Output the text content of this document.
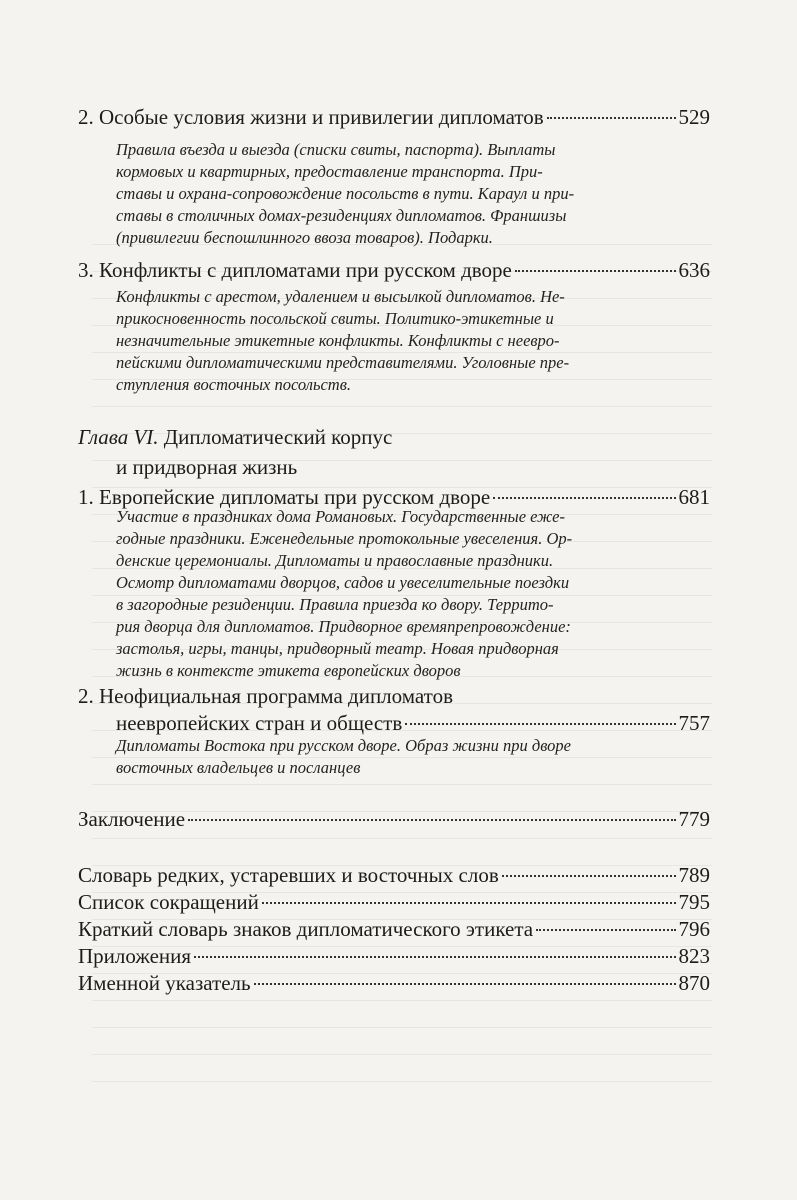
2. Особые условия жизни и привилегии дипломатов	529
Правила въезда и выезда (списки свиты, паспорта). Выплаты
кормовых и квартирных, предоставление транспорта. При-
ставы и охрана-сопровождение посольств в пути. Караул и при-
ставы в столичных домах-резиденциях дипломатов. Франшизы
(привилегии беспошлинного ввоза товаров). Подарки.
3. Конфликты с дипломатами при русском дворе	636
Конфликты с арестом, удалением и высылкой дипломатов. Не-
прикосновенность посольской свиты. Политико-этикетные и
незначительные этикетные конфликты. Конфликты с неевро-
пейскими дипломатическими представителями. Уголовные пре-
ступления восточных посольств.
Глава VI. Дипломатический корпус
и придворная жизнь
1. Европейские дипломаты при русском дворе	681
Участие в праздниках дома Романовых. Государственные еже-
годные праздники. Еженедельные протокольные увеселения. Ор-
денские церемониалы. Дипломаты и православные праздники.
Осмотр дипломатами дворцов, садов и увеселительные поездки
в загородные резиденции. Правила приезда ко двору. Террито-
рия дворца для дипломатов. Придворное времяпрепровождение:
застолья, игры, танцы, придворный театр. Новая придворная
жизнь в контексте этикета европейских дворов
2. Неофициальная программа дипломатов
неевропейских стран и обществ	757
Дипломаты Востока при русском дворе. Образ жизни при дворе
восточных владельцев и посланцев
Заключение	779
Словарь редких, устаревших и восточных слов	789
Список сокращений	795
Краткий словарь знаков дипломатического этикета	796
Приложения	823
Именной указатель	870
